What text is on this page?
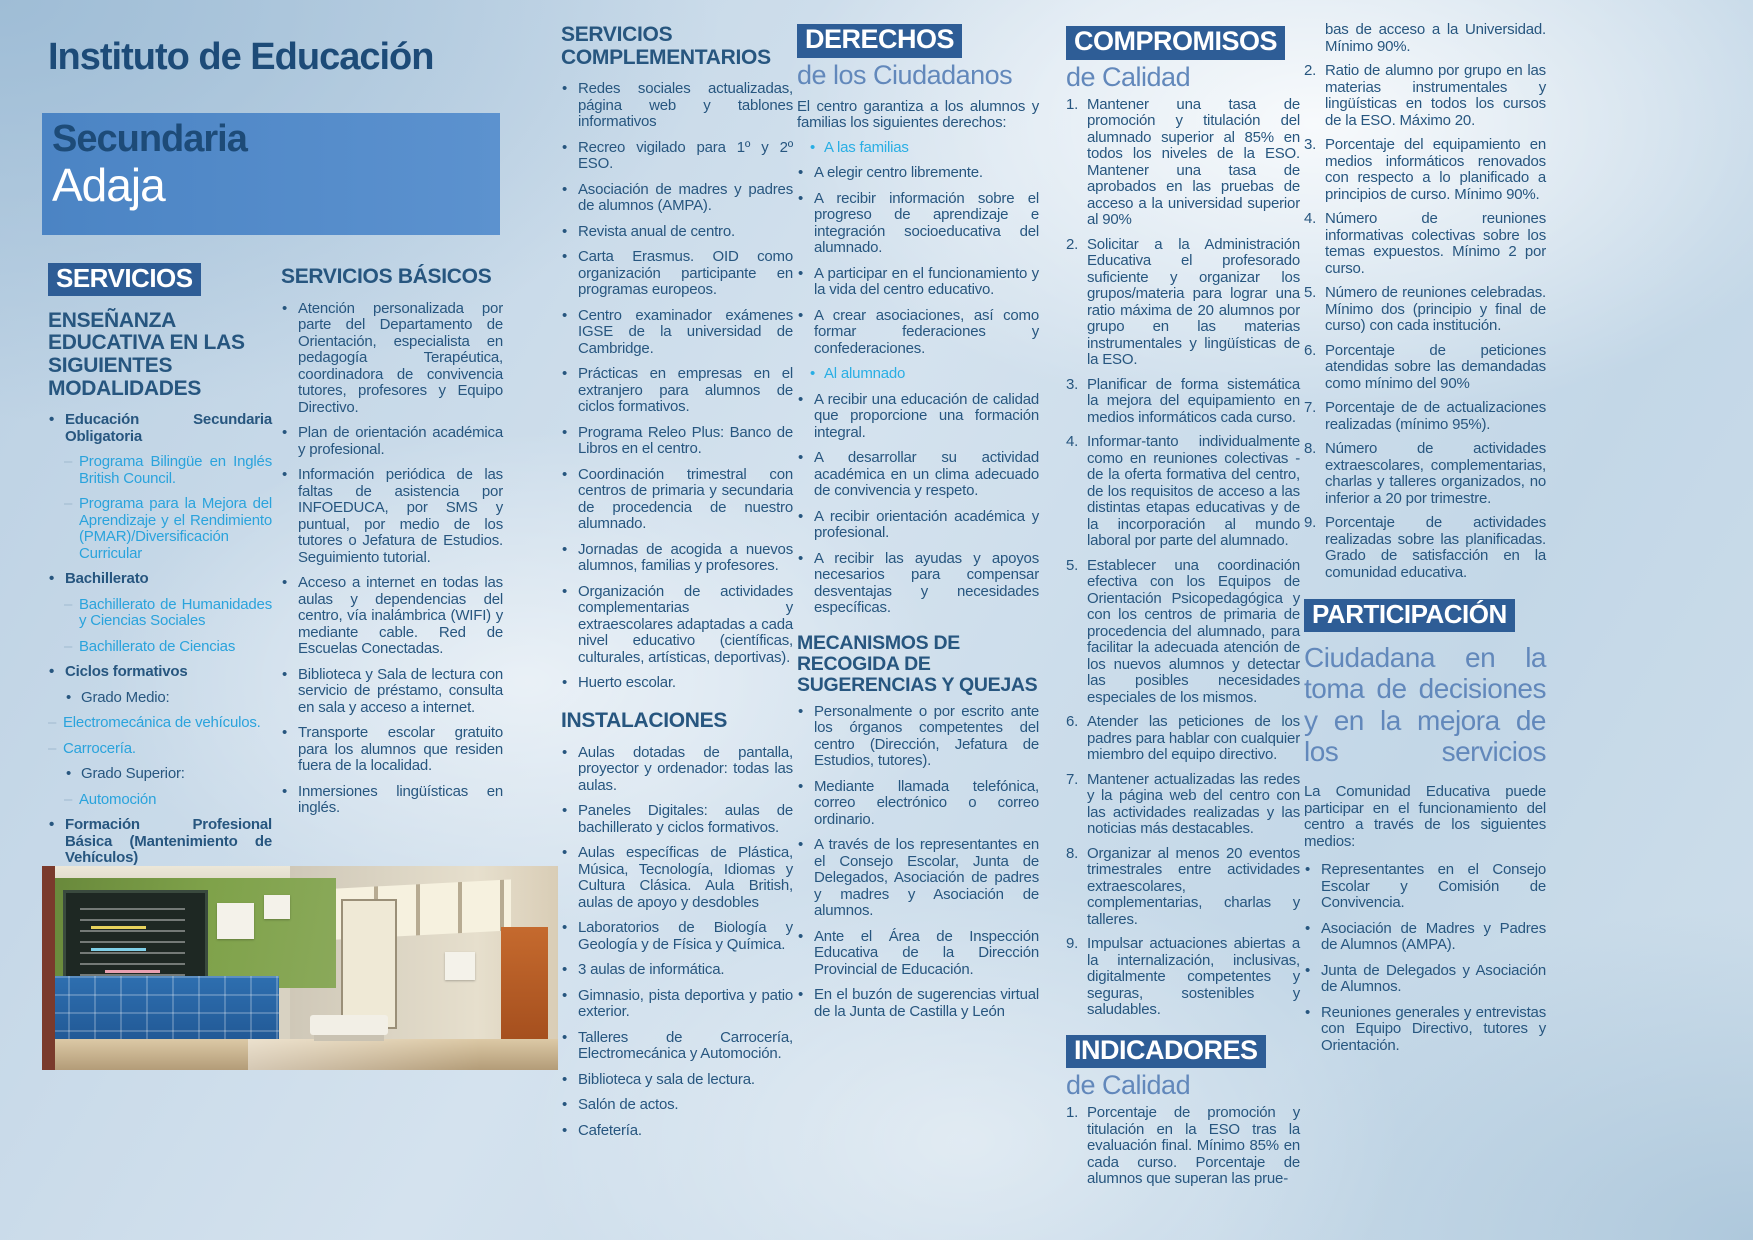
Instituto de Educación
Secundaria
Adaja
SERVICIOS
ENSEÑANZA EDUCATIVA EN LAS SIGUIENTES MODALIDADES
• Educación Secundaria Obligatoria
– Programa Bilingüe en Inglés British Council.
– Programa para la Mejora del Aprendizaje y el Rendimiento (PMAR)/Diversificación Curricular
• Bachillerato
– Bachillerato de Humanidades y Ciencias Sociales
– Bachillerato de Ciencias
• Ciclos formativos
• Grado Medio:
– Electromecánica de vehículos.
– Carrocería.
• Grado Superior:
– Automoción
• Formación Profesional Básica (Mantenimiento de Vehículos)
•
SERVICIOS BÁSICOS
• Atención personalizada por parte del Departamento de Orientación, especialista en pedagogía Terapéutica, coordinadora de convivencia tutores, profesores y Equipo Directivo.
• Plan de orientación académica y profesional.
• Información periódica de las faltas de asistencia por INFOEDUCA, por SMS y puntual, por medio de los tutores o Jefatura de Estudios. Seguimiento tutorial.
• Acceso a internet en todas las aulas y dependencias del centro, vía inalámbrica (WIFI) y mediante cable. Red de Escuelas Conectadas.
• Biblioteca y Sala de lectura con servicio de préstamo, consulta en sala y acceso a internet.
• Transporte escolar gratuito para los alumnos que residen fuera de la localidad.
• Inmersiones lingüísticas en inglés.
SERVICIOS COMPLEMENTARIOS
• Redes sociales actualizadas, página web y tablones informativos
• Recreo vigilado para 1º y 2º ESO.
• Asociación de madres y padres de alumnos (AMPA).
• Revista anual de centro.
• Carta Erasmus. OID como organización participante en programas europeos.
• Centro examinador exámenes IGSE de la universidad de Cambridge.
• Prácticas en empresas en el extranjero para alumnos de ciclos formativos.
• Programa Releo Plus: Banco de Libros en el centro.
• Coordinación trimestral con centros de primaria y secundaria de procedencia de nuestro alumnado.
• Jornadas de acogida a nuevos alumnos, familias y profesores.
• Organización de actividades complementarias y extraescolares adaptadas a cada nivel educativo (científicas, culturales, artísticas, deportivas).
• Huerto escolar.
INSTALACIONES
• Aulas dotadas de pantalla, proyector y ordenador: todas las aulas.
• Paneles Digitales: aulas de bachillerato y ciclos formativos.
• Aulas específicas de Plástica, Música, Tecnología, Idiomas y Cultura Clásica. Aula British, aulas de apoyo y desdobles
• Laboratorios de Biología y Geología y de Física y Química.
• 3 aulas de informática.
• Gimnasio, pista deportiva y patio exterior.
• Talleres de Carrocería, Electromecánica y Automoción.
• Biblioteca y sala de lectura.
• Salón de actos.
• Cafetería.
DERECHOS
de los Ciudadanos

El centro garantiza a los alumnos y familias los siguientes derechos:

• A las familias
• A elegir centro libremente.
• A recibir información sobre el progreso de aprendizaje e integración socioeducativa del alumnado.
• A participar en el funcionamiento y la vida del centro educativo.
• A crear asociaciones, así como formar federaciones y confederaciones.
• Al alumnado
• A recibir una educación de calidad que proporcione una formación integral.
• A desarrollar su actividad académica en un clima adecuado de convivencia y respeto.
• A recibir orientación académica y profesional.
• A recibir las ayudas y apoyos necesarios para compensar desventajas y necesidades específicas.
MECANISMOS DE RECOGIDA DE SUGERENCIAS Y QUEJAS
• Personalmente o por escrito ante los órganos competentes del centro (Dirección, Jefatura de Estudios, tutores).
• Mediante llamada telefónica, correo electrónico o correo ordinario.
• A través de los representantes en el Consejo Escolar, Junta de Delegados, Asociación de padres y madres y Asociación de alumnos.
• Ante el Área de Inspección Educativa de la Dirección Provincial de Educación.
• En el buzón de sugerencias virtual de la Junta de Castilla y León
COMPROMISOS
de Calidad
1. Mantener una tasa de promoción y titulación del alumnado superior al 85% en todos los niveles de la ESO. Mantener una tasa de aprobados en las pruebas de acceso a la universidad superior al 90%
2. Solicitar a la Administración Educativa el profesorado suficiente y organizar los grupos/materia para lograr una ratio máxima de 20 alumnos por grupo en las materias instrumentales y lingüísticas de la ESO.
3. Planificar de forma sistemática la mejora del equipamiento en medios informáticos cada curso.
4. Informar-tanto individualmente como en reuniones colectivas - de la oferta formativa del centro, de los requisitos de acceso a las distintas etapas educativas y de la incorporación al mundo laboral por parte del alumnado.
5. Establecer una coordinación efectiva con los Equipos de Orientación Psicopedagógica y con los centros de primaria de procedencia del alumnado, para facilitar la adecuada atención de los nuevos alumnos y detectar las posibles necesidades especiales de los mismos.
6. Atender las peticiones de los padres para hablar con cualquier miembro del equipo directivo.
7. Mantener actualizadas las redes y la página web del centro con las actividades realizadas y las noticias más destacables.
8. Organizar al menos 20 eventos trimestrales entre actividades extraescolares, complementarias, charlas y talleres.
9. Impulsar actuaciones abiertas a la internalización, inclusivas, digitalmente competentes y seguras, sostenibles y saludables.
INDICADORES
de Calidad
1. Porcentaje de promoción y titulación en la ESO tras la evaluación final. Mínimo 85% en cada curso. Porcentaje de alumnos que superan las prue-
bas de acceso a la Universidad. Mínimo 90%.
2. Ratio de alumno por grupo en las materias instrumentales y lingüísticas en todos los cursos de la ESO. Máximo 20.
3. Porcentaje del equipamiento en medios informáticos renovados con respecto a lo planificado a principios de curso. Mínimo 90%.
4. Número de reuniones informativas colectivas sobre los temas expuestos. Mínimo 2 por curso.
5. Número de reuniones celebradas. Mínimo dos (principio y final de curso) con cada institución.
6. Porcentaje de peticiones atendidas sobre las demandadas como mínimo del 90%
7. Porcentaje de de actualizaciones realizadas (mínimo 95%).
8. Número de actividades extraescolares, complementarias, charlas y talleres organizados, no inferior a 20 por trimestre.
9. Porcentaje de actividades realizadas sobre las planificadas. Grado de satisfacción en la comunidad educativa.
PARTICIPACIÓN
Ciudadana en la toma de decisiones y en la mejora de los servicios

La Comunidad Educativa puede participar en el funcionamiento del centro a través de los siguientes medios:

• Representantes en el Consejo Escolar y Comisión de Convivencia.
• Asociación de Madres y Padres de Alumnos (AMPA).
• Junta de Delegados y Asociación de Alumnos.
• Reuniones generales y entrevistas con Equipo Directivo, tutores y Orientación.
